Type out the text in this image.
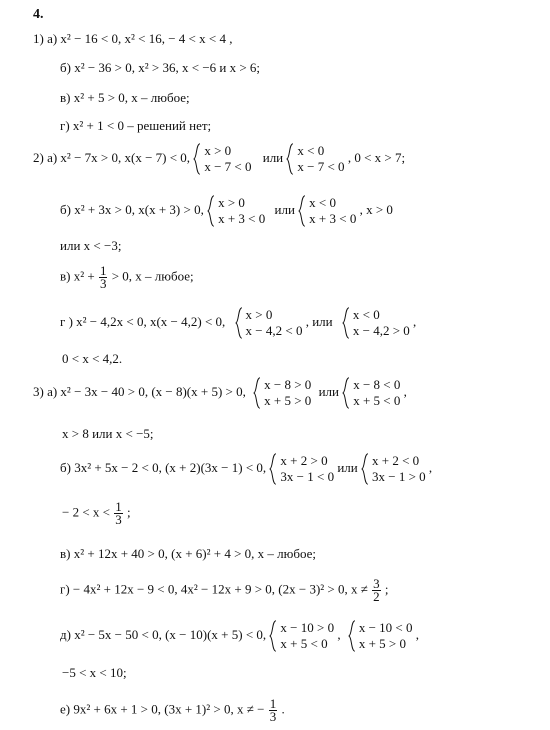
4.
1) а) x² − 16 < 0, x² < 16, − 4 < x < 4 ,
б) x² − 36 > 0, x² > 36, x < −6 и x > 6;
в) x² + 5 > 0, x – любое;
г) x² + 1 < 0 – решений нет;
2) а) x² − 7x > 0, x(x − 7) < 0, x > 0
x − 7 < 0
или x < 0
x − 7 < 0
, 0 < x > 7;
б) x² + 3x > 0, x(x + 3) > 0, x > 0
x + 3 < 0
или x < 0
x + 3 < 0
, x > 0
или x < −3;
в) $x^2 + \frac{1}{3} > 0$, x – любое;
г ) x² − 4,2x < 0, x(x − 4,2) < 0, x > 0
x − 4,2 < 0
, или x < 0
x − 4,2 > 0
,
0 < x < 4,2.
3) а) x² − 3x − 40 > 0, (x − 8)(x + 5) > 0, x − 8 > 0
x + 5 > 0
или x − 8 < 0
x + 5 < 0
,
x > 8 или x < −5;
б) 3x² + 5x − 2 < 0, (x + 2)(3x − 1) < 0, x + 2 > 0
3x − 1 < 0
или x + 2 < 0
3x − 1 > 0
,
− $2 < x < \frac{1}{3}$ ;
в) x² + 12x + 40 > 0, (x + 6)² + 4 > 0, x – любое;
г) − 4x² + 12x − 9 < 0, 4x² − 12x + 9 > 0, (2x − 3)² > 0, $x \ne \frac{3}{2}$ ;
д) x² − 5x − 50 < 0, (x − 10)(x + 5) < 0, x − 10 > 0
x + 5 < 0
, x − 10 < 0
x + 5 > 0
,
−5 < x < 10;
е) 9x² + 6x + 1 > 0, (3x + 1)² > 0, x ≠ − $\frac{1}{3}$ .
